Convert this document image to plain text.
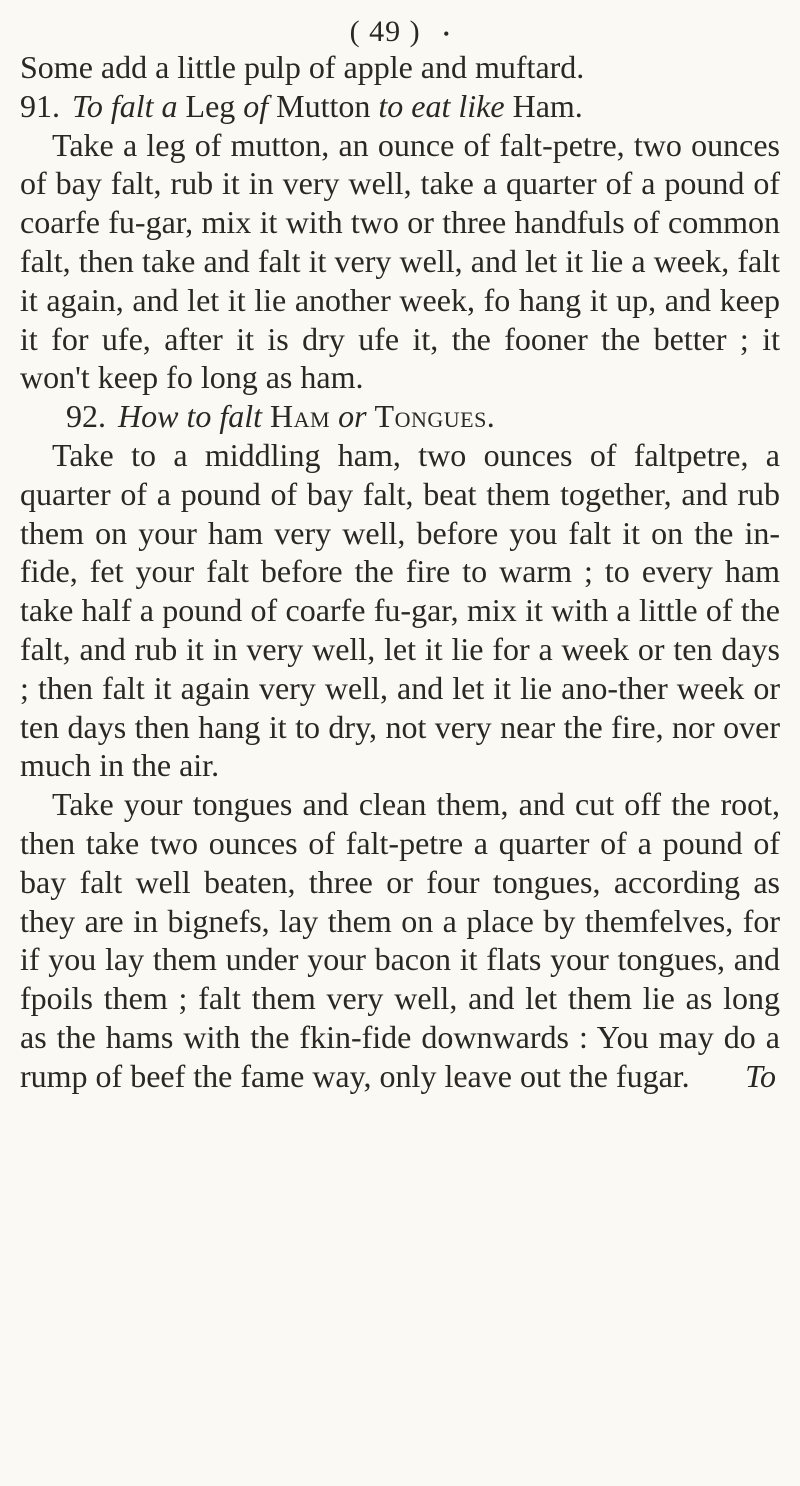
( 49 ) •

Some add a little pulp of apple and muftard.

91. To falt a Leg of Mutton to eat like Ham.

Take a leg of mutton, an ounce of falt-petre, two ounces of bay falt, rub it in very well, take a quarter of a pound of coarfe fu-gar, mix it with two or three handfuls of common falt, then take and falt it very well, and let it lie a week, falt it again, and let it lie another week, fo hang it up, and keep it for ufe, after it is dry ufe it, the fooner the better ; it won't keep fo long as ham.

92. How to falt Ham or Tongues.

Take to a middling ham, two ounces of faltpetre, a quarter of a pound of bay falt, beat them together, and rub them on your ham very well, before you falt it on the in-fide, fet your falt before the fire to warm ; to every ham take half a pound of coarfe fu-gar, mix it with a little of the falt, and rub it in very well, let it lie for a week or ten days ; then falt it again very well, and let it lie ano-ther week or ten days then hang it to dry, not very near the fire, nor over much in the air.

Take your tongues and clean them, and cut off the root, then take two ounces of falt-petre a quarter of a pound of bay falt well beaten, three or four tongues, according as they are in bignefs, lay them on a place by themfelves, for if you lay them under your bacon it flats your tongues, and fpoils them ; falt them very well, and let them lie as long as the hams with the fkin-fide downwards : You may do a rump of beef the fame way, only leave out the fugar.	To
